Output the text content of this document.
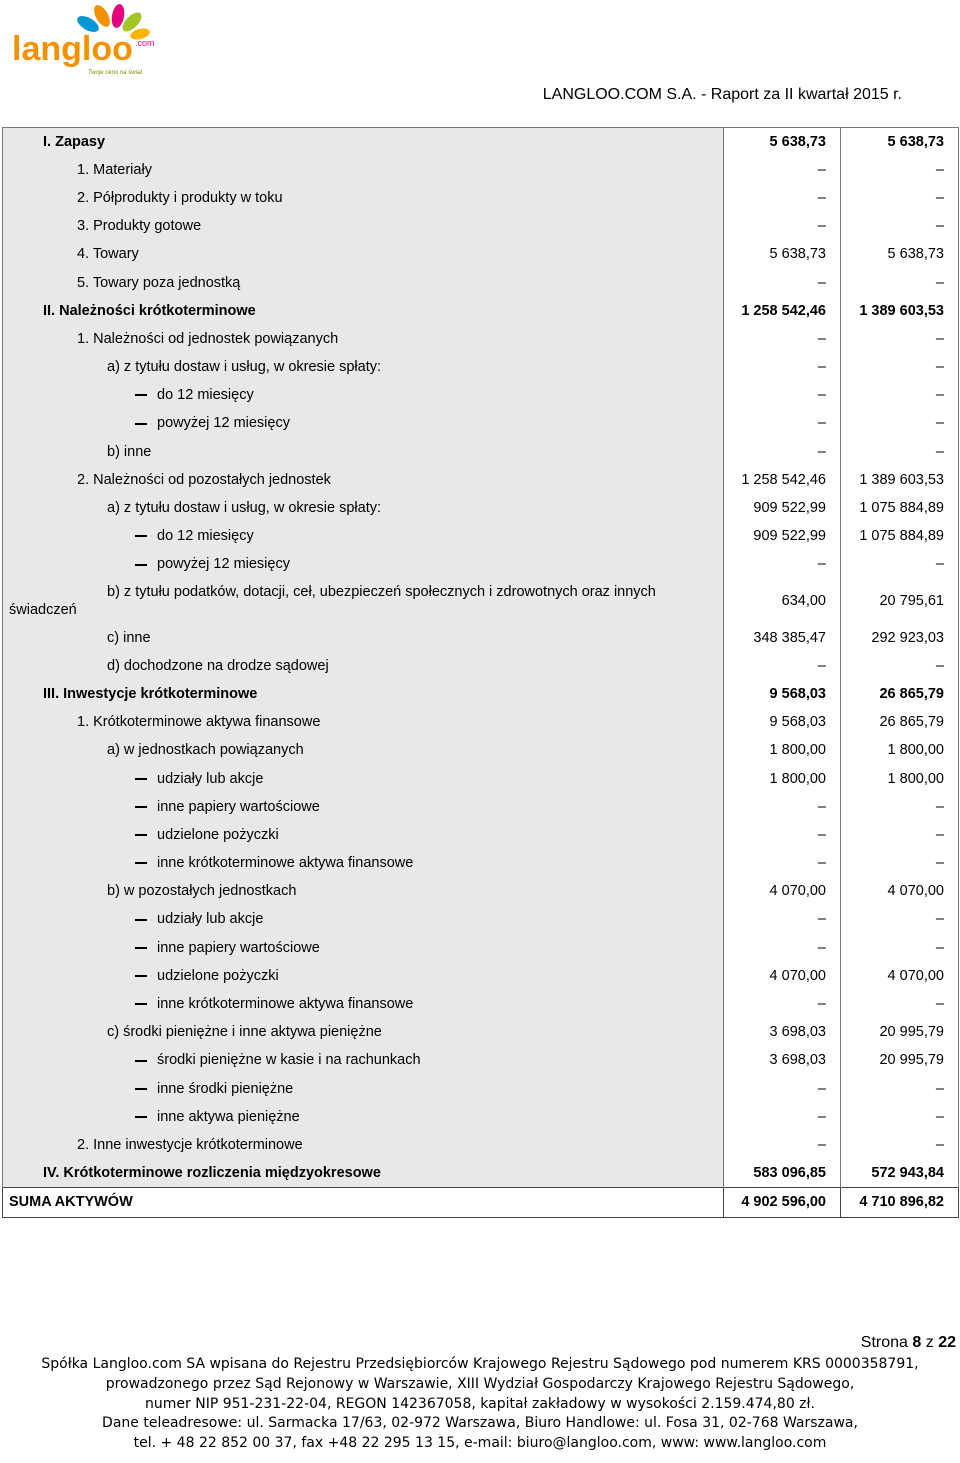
langloo .com
Twoje okno na świat
LANGLOO.COM S.A. - Raport za II kwartał 2015 r.
I. Zapasy	5 638,73	5 638,73
1. Materiały	–	–
2. Półprodukty i produkty w toku	–	–
3. Produkty gotowe	–	–
4. Towary	5 638,73	5 638,73
5. Towary poza jednostką	–	–
II. Należności krótkoterminowe	1 258 542,46	1 389 603,53
1. Należności od jednostek powiązanych	–	–
a) z tytułu dostaw i usług, w okresie spłaty:	–	–
do 12 miesięcy	–	–
powyżej 12 miesięcy	–	–
b) inne	–	–
2. Należności od pozostałych jednostek	1 258 542,46	1 389 603,53
a) z tytułu dostaw i usług, w okresie spłaty:	909 522,99	1 075 884,89
do 12 miesięcy	909 522,99	1 075 884,89
powyżej 12 miesięcy	–	–

b) z tytułu podatków, dotacji, ceł, ubezpieczeń społecznych i zdrowotnych oraz innych
świadczeń	634,00	20 795,61
c) inne	348 385,47	292 923,03
d) dochodzone na drodze sądowej	–	–
III. Inwestycje krótkoterminowe	9 568,03	26 865,79
1. Krótkoterminowe aktywa finansowe	9 568,03	26 865,79
a) w jednostkach powiązanych	1 800,00	1 800,00
udziały lub akcje	1 800,00	1 800,00
inne papiery wartościowe	–	–
udzielone pożyczki	–	–
inne krótkoterminowe aktywa finansowe	–	–
b) w pozostałych jednostkach	4 070,00	4 070,00
udziały lub akcje	–	–
inne papiery wartościowe	–	–
udzielone pożyczki	4 070,00	4 070,00
inne krótkoterminowe aktywa finansowe	–	–
c) środki pieniężne i inne aktywa pieniężne	3 698,03	20 995,79
środki pieniężne w kasie i na rachunkach	3 698,03	20 995,79
inne środki pieniężne	–	–
inne aktywa pieniężne	–	–
2. Inne inwestycje krótkoterminowe	–	–
IV. Krótkoterminowe rozliczenia międzyokresowe	583 096,85	572 943,84
SUMA AKTYWÓW	4 902 596,00	4 710 896,82
Strona 8 z 22
Spółka Langloo.com SA wpisana do Rejestru Przedsiębiorców Krajowego Rejestru Sądowego pod numerem KRS 0000358791,
prowadzonego przez Sąd Rejonowy w Warszawie, XIII Wydział Gospodarczy Krajowego Rejestru Sądowego,
numer NIP 951-231-22-04, REGON 142367058, kapitał zakładowy w wysokości 2.159.474,80 zł.
Dane teleadresowe: ul. Sarmacka 17/63, 02-972 Warszawa, Biuro Handlowe: ul. Fosa 31, 02-768 Warszawa,
tel. + 48 22 852 00 37, fax +48 22 295 13 15, e-mail: biuro@langloo.com, www: www.langloo.com
